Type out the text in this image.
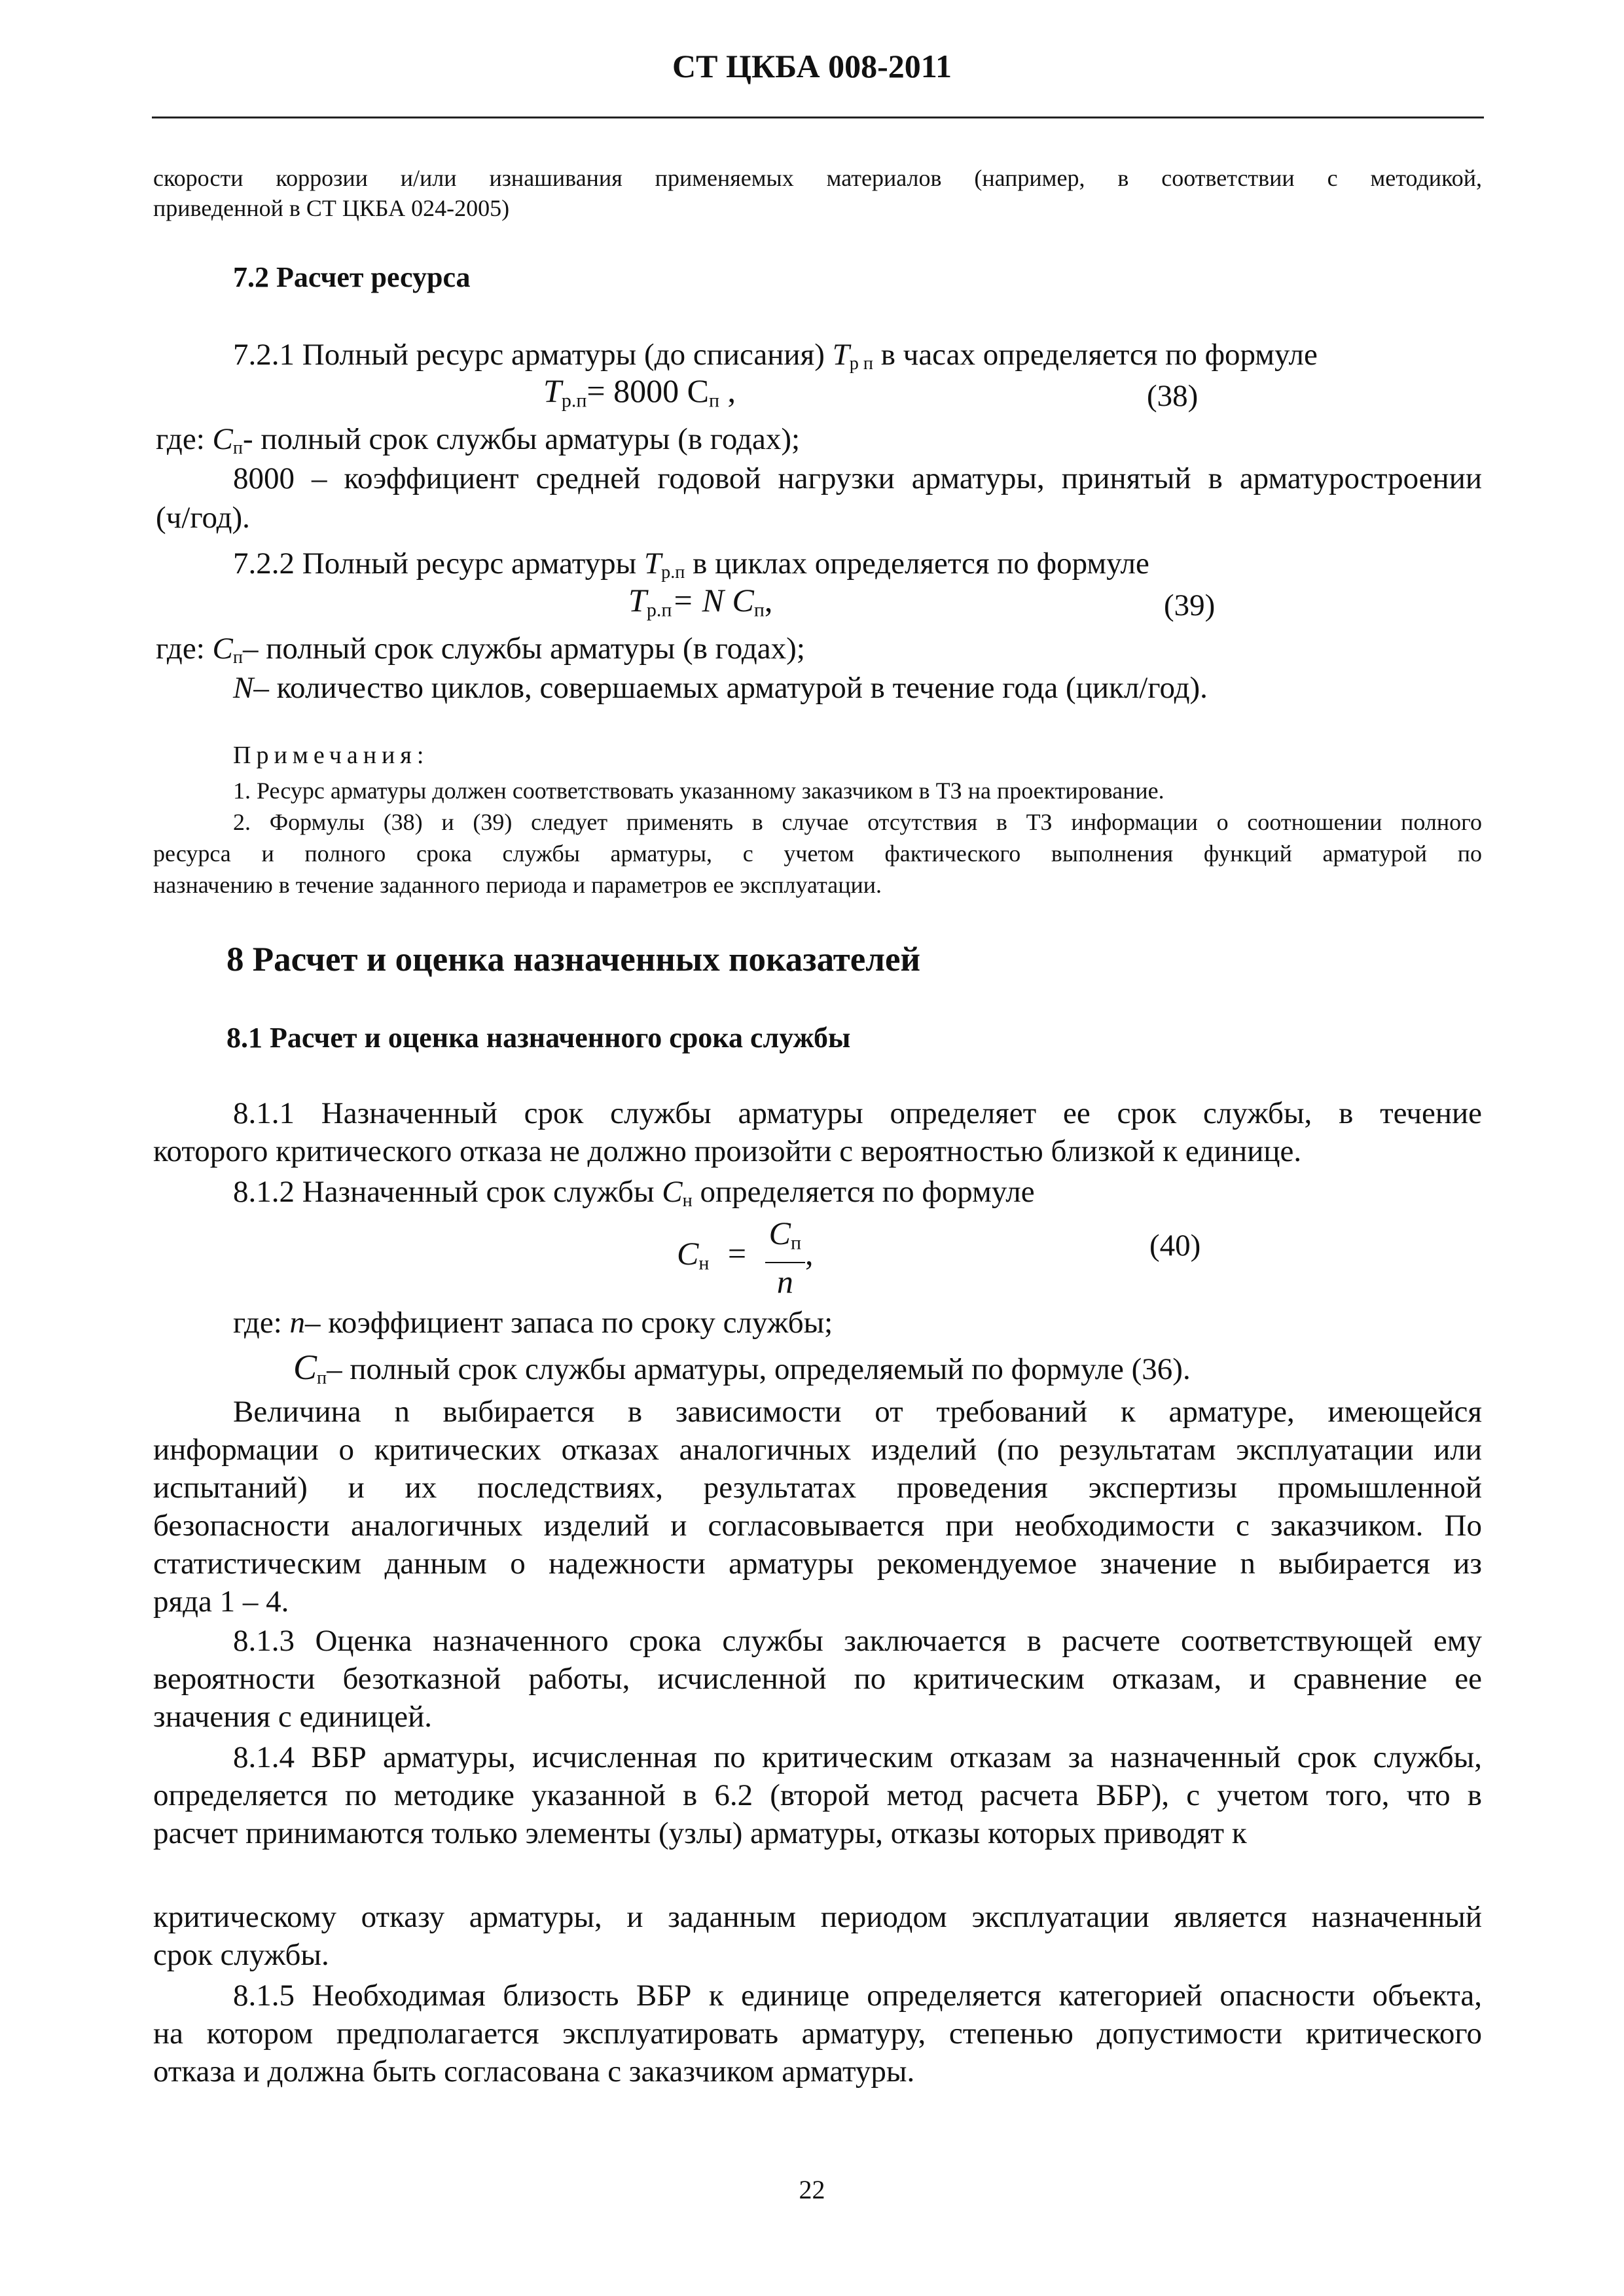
СТ ЦКБА 008-2011
скорости коррозии и/или изнашивания применяемых материалов (например, в соответствии с методикой,
приведенной в СТ ЦКБА 024-2005)
7.2 Расчет ресурса
7.2.1 Полный ресурс арматуры (до списания) $T_{р п}$ в часах определяется по формуле
$T_{р.п}= 8000$ $C_п$ ,	(38)
где: $C_п-$ полный срок службы арматуры (в годах);
8000 – коэффициент средней годовой нагрузки арматуры, принятый в арматуростроении
(ч/год).
7.2.2 Полный ресурс арматуры $T_{р.п}$ в циклах определяется по формуле
$T_{р.п}= N$ $C_п$,	(39)
где: $C_п-$ полный срок службы арматуры (в годах);
N– количество циклов, совершаемых арматурой в течение года (цикл/год).
Примечания:
1. Ресурс арматуры должен соответствовать указанному заказчиком в ТЗ на проектирование.
2. Формулы (38) и (39) следует применять в случае отсутствия в ТЗ информации о соотношении полного
ресурса и полного срока службы арматуры, с учетом фактического выполнения функций арматурой по
назначению в течение заданного периода и параметров ее эксплуатации.
8 Расчет и оценка назначенных показателей
8.1 Расчет и оценка назначенного срока службы
8.1.1 Назначенный срок службы арматуры определяет ее срок службы, в течение
которого критического отказа не должно произойти с вероятностью близкой к единице.
8.1.2 Назначенный срок службы $C_н$ определяется по формуле
$C_н = \frac{C_п}{n}$ ,	(40)
где: n– коэффициент запаса по сроку службы;
$C_п-$ полный срок службы арматуры, определяемый по формуле (36).
Величина n выбирается в зависимости от требований к арматуре, имеющейся
информации о критических отказах аналогичных изделий (по результатам эксплуатации или
испытаний) и их последствиях, результатах проведения экспертизы промышленной
безопасности аналогичных изделий и согласовывается при необходимости с заказчиком. По
статистическим данным о надежности арматуры рекомендуемое значение n выбирается из
ряда 1 – 4.
8.1.3 Оценка назначенного срока службы заключается в расчете соответствующей ему
вероятности безотказной работы, исчисленной по критическим отказам, и сравнение ее
значения с единицей.
8.1.4 ВБР арматуры, исчисленная по критическим отказам за назначенный срок службы,
определяется по методике указанной в 6.2 (второй метод расчета ВБР), с учетом того, что в
расчет принимаются только элементы (узлы) арматуры, отказы которых приводят к
критическому отказу арматуры, и заданным периодом эксплуатации является назначенный
срок службы.
8.1.5 Необходимая близость ВБР к единице определяется категорией опасности объекта,
на котором предполагается эксплуатировать арматуру, степенью допустимости критического
отказа и должна быть согласована с заказчиком арматуры.
22
